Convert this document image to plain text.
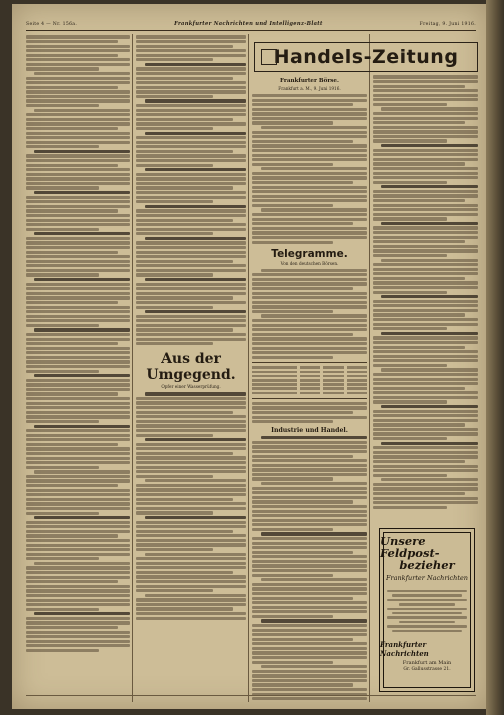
Seite 4 — Nr. 156a.	Frankfurter Nachrichten und Intelligenz-Blatt	Freitag, 9. Juni 1916.
Aus der Umgegend.
Opfer einer Wasserprüfung.
Frankfurter Börse.
Frankfurt a. M., 9. Juni 1916.
Telegramme.
Von den deutschen Börsen.
Industrie und Handel.
Handels-Zeitung
Unsere Feldpost-
bezieher
Frankfurter Nachrichten
Frankfurter Nachrichten
Frankfurt am Main
Gr. Gallusstrasse 21.
